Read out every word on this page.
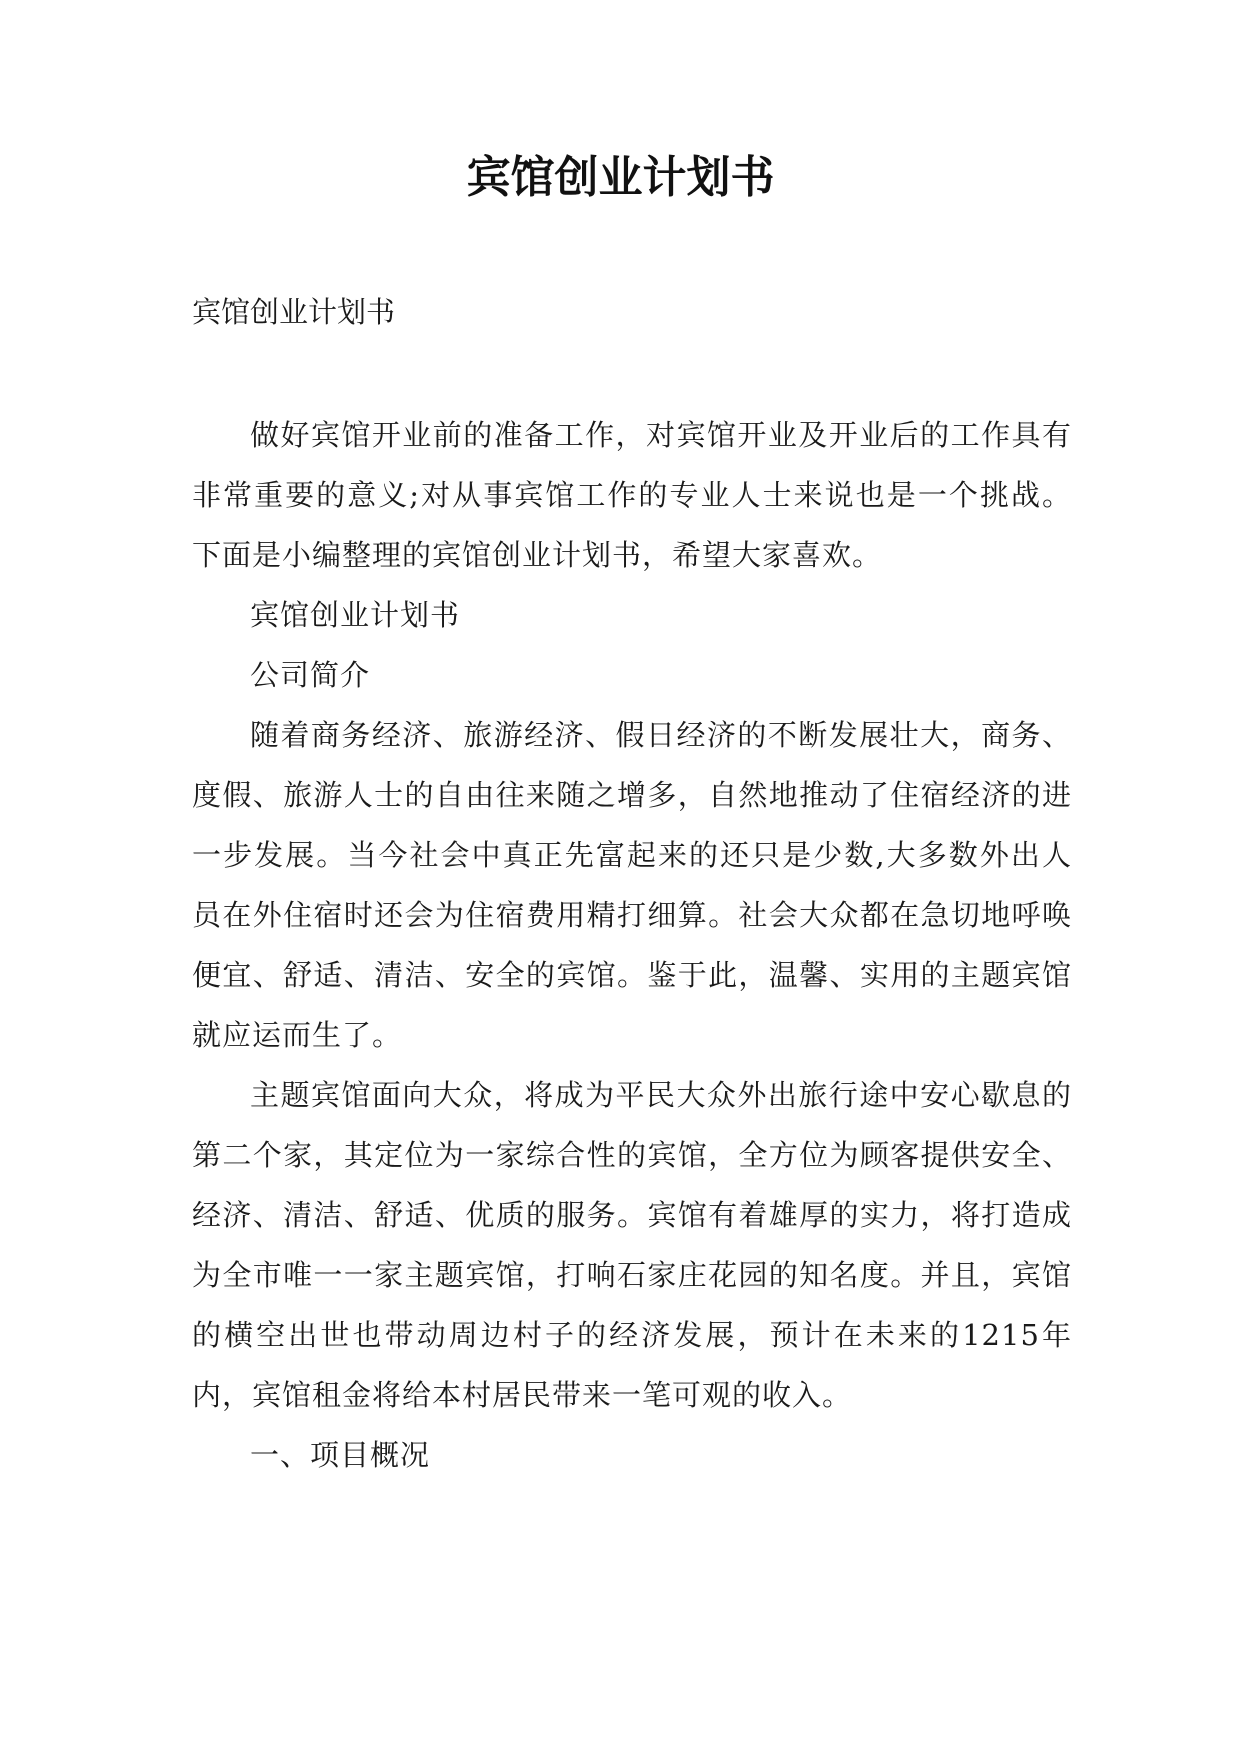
宾馆创业计划书

宾馆创业计划书

做好宾馆开业前的准备工作，对宾馆开业及开业后的工作具有非常重要的意义;对从事宾馆工作的专业人士来说也是一个挑战。下面是小编整理的宾馆创业计划书，希望大家喜欢。

宾馆创业计划书

公司简介

随着商务经济、旅游经济、假日经济的不断发展壮大，商务、度假、旅游人士的自由往来随之增多，自然地推动了住宿经济的进一步发展。当今社会中真正先富起来的还只是少数,大多数外出人员在外住宿时还会为住宿费用精打细算。社会大众都在急切地呼唤便宜、舒适、清洁、安全的宾馆。鉴于此，温馨、实用的主题宾馆就应运而生了。

主题宾馆面向大众，将成为平民大众外出旅行途中安心歇息的第二个家，其定位为一家综合性的宾馆，全方位为顾客提供安全、经济、清洁、舒适、优质的服务。宾馆有着雄厚的实力，将打造成为全市唯一一家主题宾馆，打响石家庄花园的知名度。并且，宾馆的横空出世也带动周边村子的经济发展，预计在未来的1215年内，宾馆租金将给本村居民带来一笔可观的收入。

一、项目概况
